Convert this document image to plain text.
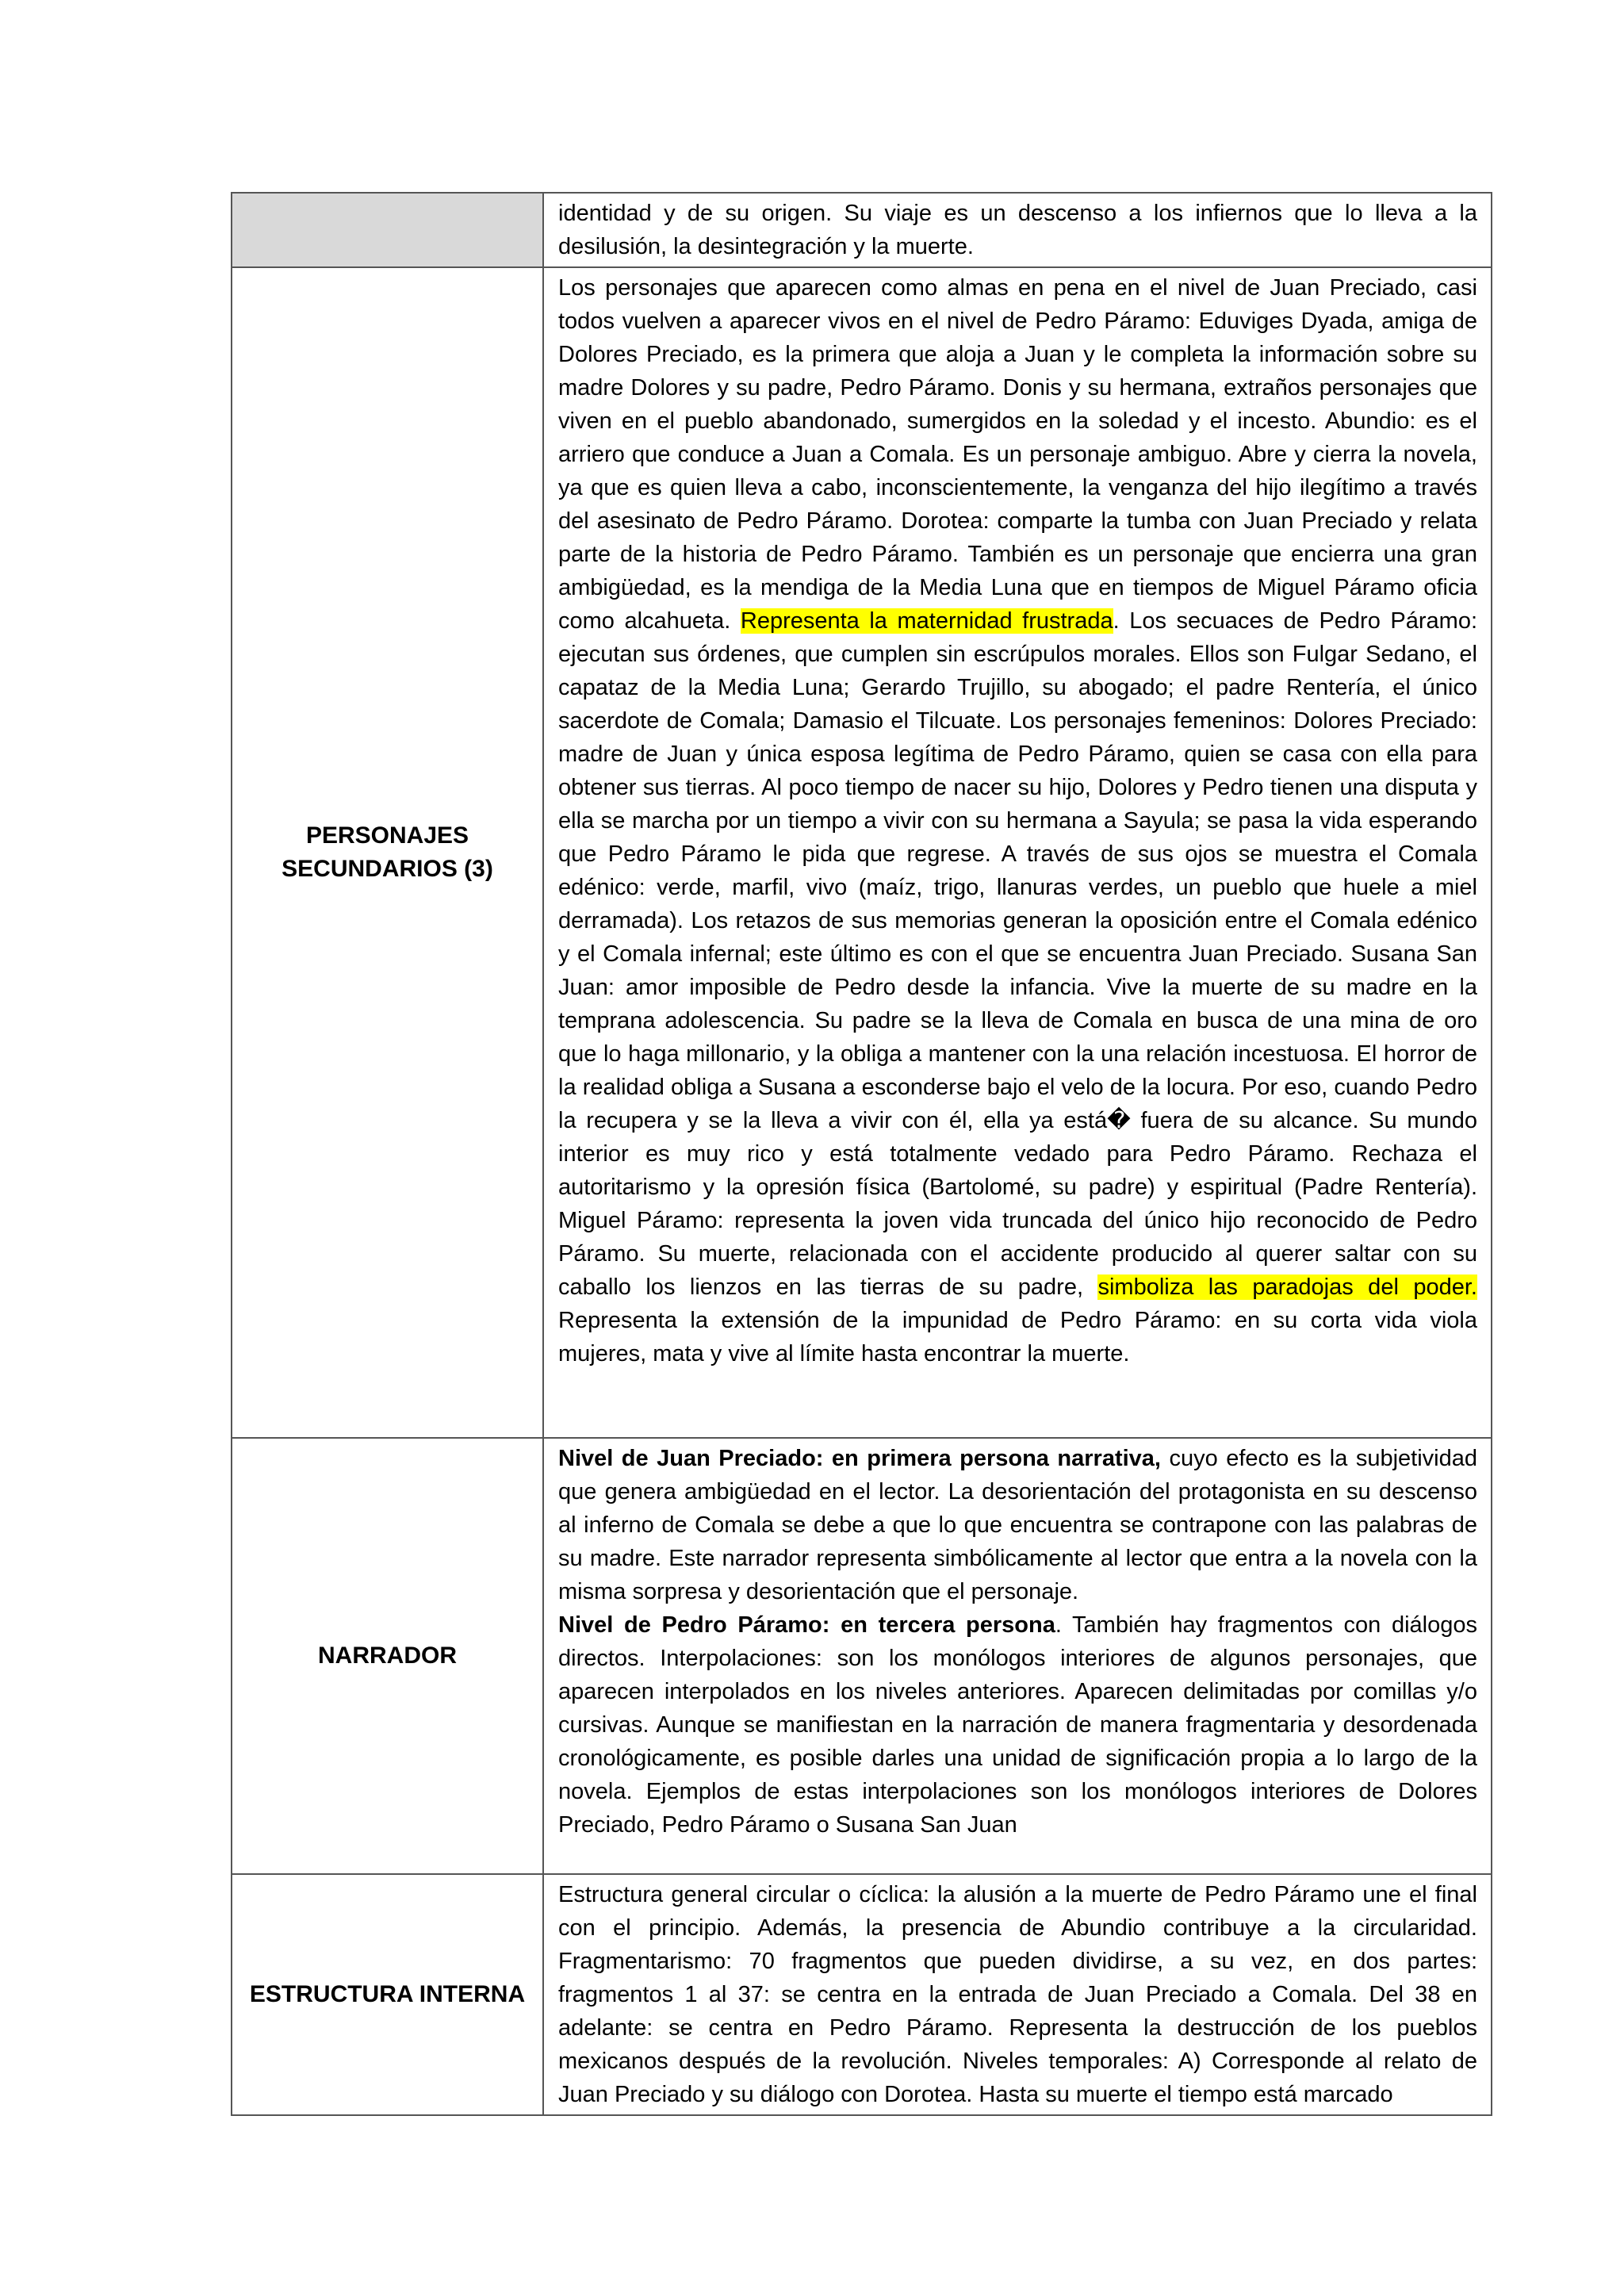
	identidad y de su origen. Su viaje es un descenso a los infiernos que lo lleva a la desilusión, la desintegración y la muerte.

PERSONAJES SECUNDARIOS (3)	Los personajes que aparecen como almas en pena en el nivel de Juan Preciado, casi todos vuelven a aparecer vivos en el nivel de Pedro Páramo: Eduviges Dyada, amiga de Dolores Preciado, es la primera que aloja a Juan y le completa la información sobre su madre Dolores y su padre, Pedro Páramo. Donis y su hermana, extraños personajes que viven en el pueblo abandonado, sumergidos en la soledad y el incesto. Abundio: es el arriero que conduce a Juan a Comala. Es un personaje ambiguo. Abre y cierra la novela, ya que es quien lleva a cabo, inconscientemente, la venganza del hijo ilegítimo a través del asesinato de Pedro Páramo. Dorotea: comparte la tumba con Juan Preciado y relata parte de la historia de Pedro Páramo. También es un personaje que encierra una gran ambigüedad, es la mendiga de la Media Luna que en tiempos de Miguel Páramo oficia como alcahueta. Representa la maternidad frustrada. Los secuaces de Pedro Páramo: ejecutan sus órdenes, que cumplen sin escrúpulos morales. Ellos son Fulgar Sedano, el capataz de la Media Luna; Gerardo Trujillo, su abogado; el padre Rentería, el único sacerdote de Comala; Damasio el Tilcuate. Los personajes femeninos: Dolores Preciado: madre de Juan y única esposa legítima de Pedro Páramo, quien se casa con ella para obtener sus tierras. Al poco tiempo de nacer su hijo, Dolores y Pedro tienen una disputa y ella se marcha por un tiempo a vivir con su hermana a Sayula; se pasa la vida esperando que Pedro Páramo le pida que regrese. A través de sus ojos se muestra el Comala edénico: verde, marfil, vivo (maíz, trigo, llanuras verdes, un pueblo que huele a miel derramada). Los retazos de sus memorias generan la oposición entre el Comala edénico y el Comala infernal; este último es con el que se encuentra Juan Preciado. Susana San Juan: amor imposible de Pedro desde la infancia. Vive la muerte de su madre en la temprana adolescencia. Su padre se la lleva de Comala en busca de una mina de oro que lo haga millonario, y la obliga a mantener con la una relación incestuosa. El horror de la realidad obliga a Susana a esconderse bajo el velo de la locura. Por eso, cuando Pedro la recupera y se la lleva a vivir con él, ella ya está� fuera de su alcance. Su mundo interior es muy rico y está totalmente vedado para Pedro Páramo. Rechaza el autoritarismo y la opresión física (Bartolomé, su padre) y espiritual (Padre Rentería). Miguel Páramo: representa la joven vida truncada del único hijo reconocido de Pedro Páramo. Su muerte, relacionada con el accidente producido al querer saltar con su caballo los lienzos en las tierras de su padre, simboliza las paradojas del poder. Representa la extensión de la impunidad de Pedro Páramo: en su corta vida viola mujeres, mata y vive al límite hasta encontrar la muerte.

NARRADOR	Nivel de Juan Preciado: en primera persona narrativa, cuyo efecto es la subjetividad que genera ambigüedad en el lector. La desorientación del protagonista en su descenso al inferno de Comala se debe a que lo que encuentra se contrapone con las palabras de su madre. Este narrador representa simbólicamente al lector que entra a la novela con la misma sorpresa y desorientación que el personaje.

Nivel de Pedro Páramo: en tercera persona. También hay fragmentos con diálogos directos. Interpolaciones: son los monólogos interiores de algunos personajes, que aparecen interpolados en los niveles anteriores. Aparecen delimitadas por comillas y/o cursivas. Aunque se manifiestan en la narración de manera fragmentaria y desordenada cronológicamente, es posible darles una unidad de significación propia a lo largo de la novela. Ejemplos de estas interpolaciones son los monólogos interiores de Dolores Preciado, Pedro Páramo o Susana San Juan

ESTRUCTURA INTERNA	Estructura general circular o cíclica: la alusión a la muerte de Pedro Páramo une el final con el principio. Además, la presencia de Abundio contribuye a la circularidad. Fragmentarismo: 70 fragmentos que pueden dividirse, a su vez, en dos partes: fragmentos 1 al 37: se centra en la entrada de Juan Preciado a Comala. Del 38 en adelante: se centra en Pedro Páramo. Representa la destrucción de los pueblos mexicanos después de la revolución. Niveles temporales: A) Corresponde al relato de Juan Preciado y su diálogo con Dorotea. Hasta su muerte el tiempo está marcado
